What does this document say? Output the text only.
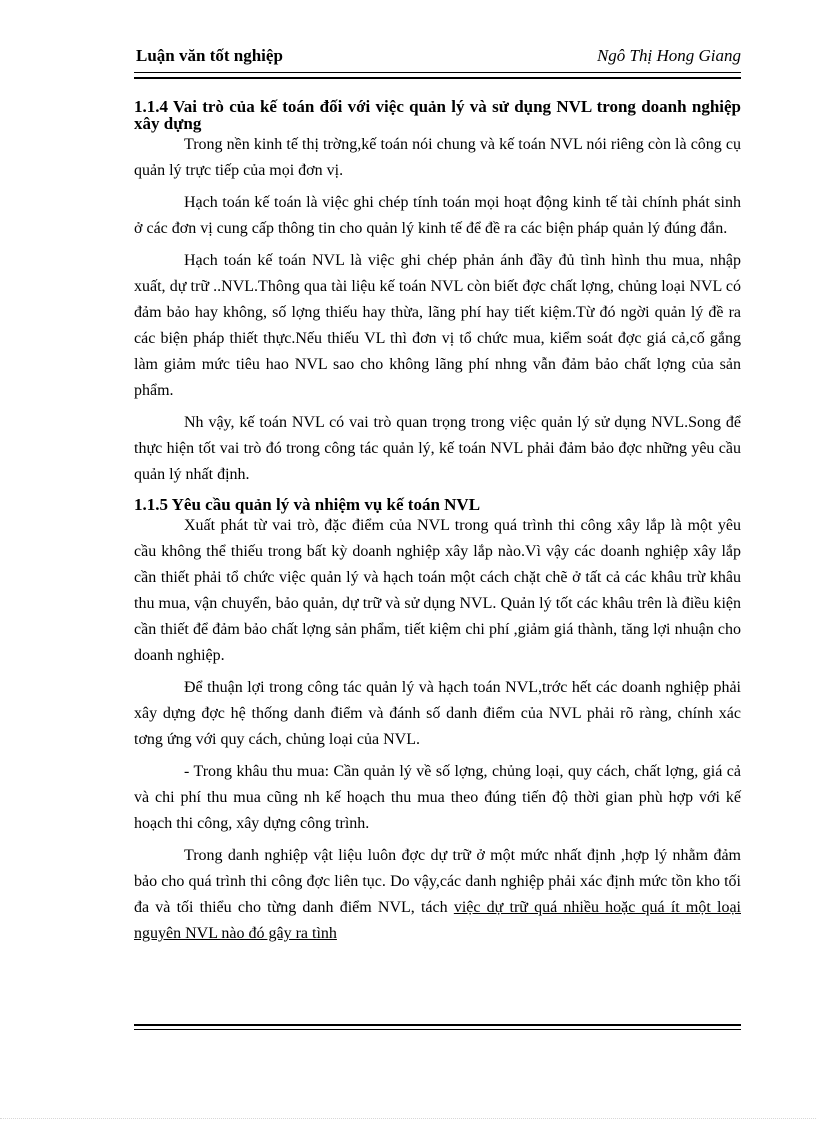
Luận văn tốt nghiệp	Ngô Thị Hong Giang
1.1.4 Vai trò của kế toán đối với việc quản lý và sử dụng NVL trong doanh nghiệp xây dựng

Trong nền kinh tế thị trờng,kế toán nói chung và kế toán NVL nói riêng còn là công cụ quản lý trực tiếp của mọi đơn vị.

Hạch toán kế toán là việc ghi chép tính toán mọi hoạt động kinh tế tài chính phát sinh ở các đơn vị cung cấp thông tin cho quản lý kinh tế để đề ra các biện pháp quản lý đúng đắn.

Hạch toán kế toán NVL là việc ghi chép phản ánh đầy đủ tình hình thu mua, nhập xuất, dự trữ ..NVL.Thông qua tài liệu kế toán NVL còn biết đợc chất lợng, chủng loại NVL có đảm bảo hay không, số lợng thiếu hay thừa, lãng phí hay tiết kiệm.Từ đó ngời quản lý đề ra các biện pháp thiết thực.Nếu thiếu VL thì đơn vị tổ chức mua, kiểm soát đợc giá cả,cố gắng làm giảm mức tiêu hao NVL sao cho không lãng phí nhng vẫn đảm bảo chất lợng của sản phẩm.

Nh vậy, kế toán NVL có vai trò quan trọng trong việc quản lý sử dụng NVL.Song để thực hiện tốt vai trò đó trong công tác quản lý, kế toán NVL phải đảm bảo đợc những yêu cầu quản lý nhất định.

1.1.5 Yêu cầu quản lý và nhiệm vụ kế toán NVL

Xuất phát từ vai trò, đặc điểm của NVL trong quá trình thi công xây lắp là một yêu cầu không thể thiếu trong bất kỳ doanh nghiệp xây lắp nào.Vì vậy các doanh nghiệp xây lắp cần thiết phải tổ chức việc quản lý và hạch toán một cách chặt chẽ ở tất cả các khâu trừ khâu thu mua, vận chuyển, bảo quản, dự trữ và sử dụng NVL. Quản lý tốt các khâu trên là điều kiện cần thiết để đảm bảo chất lợng sản phẩm, tiết kiệm chi phí ,giảm giá thành, tăng lợi nhuận cho doanh nghiệp.

Để thuận lợi trong công tác quản lý và hạch toán NVL,trớc hết các doanh nghiệp phải xây dựng đợc hệ thống danh điểm và đánh số danh điểm của NVL phải rõ ràng, chính xác tơng ứng với quy cách, chủng loại của NVL.

- Trong khâu thu mua: Cần quản lý về số lợng, chủng loại, quy cách, chất lợng, giá cả và chi phí thu mua cũng nh kế hoạch thu mua theo đúng tiến độ thời gian phù hợp với kế hoạch thi công, xây dựng công trình.

Trong danh nghiệp vật liệu luôn đợc dự trữ ở một mức nhất định ,hợp lý nhằm đảm bảo cho quá trình thi công đợc liên tục. Do vậy,các danh nghiệp phải xác định mức tồn kho tối đa và tối thiểu cho từng danh điểm NVL, tách việc dự trữ quá nhiều hoặc quá ít một loại nguyên NVL nào đó gây ra tình
